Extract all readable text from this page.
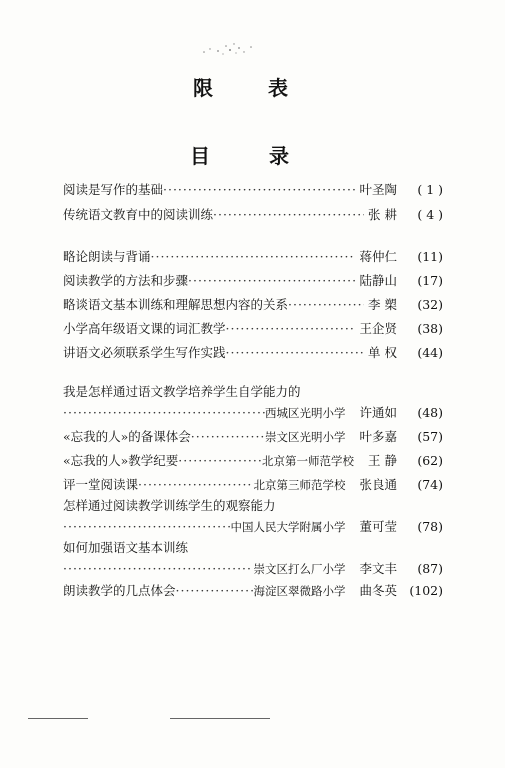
限 表
目 录
阅读是写作的基础 ·····	叶圣陶	( 1 )
传统语文教育中的阅读训练 ·····	张 耕	( 4 )
略论朗读与背诵 ·····	蒋仲仁	(11)
阅读教学的方法和步骤 ·····	陆静山	(17)
略谈语文基本训练和理解思想内容的关系 ·····	李 槊	(32)
小学高年级语文课的词汇教学 ·····	王企贤	(38)
讲语文必须联系学生写作实践 ·····	单 权	(44)
我是怎样通过语文教学培养学生自学能力的
·····
西城区光明小学	许通如	(48)
«忘我的人»的备课体会 ·····	崇文区光明小学	叶多嘉	(57)
«忘我的人»教学纪要 ·····	北京第一师范学校	王 静	(62)
评一堂阅读课 ·····	北京第三师范学校	张良通	(74)
怎样通过阅读教学训练学生的观察能力
·····
中国人民大学附属小学	董可莹	(78)
如何加强语文基本训练
·····
崇文区打么厂小学	李文丰	(87)
朗读教学的几点体会 ·····	海淀区翠微路小学	曲冬英 (102)
